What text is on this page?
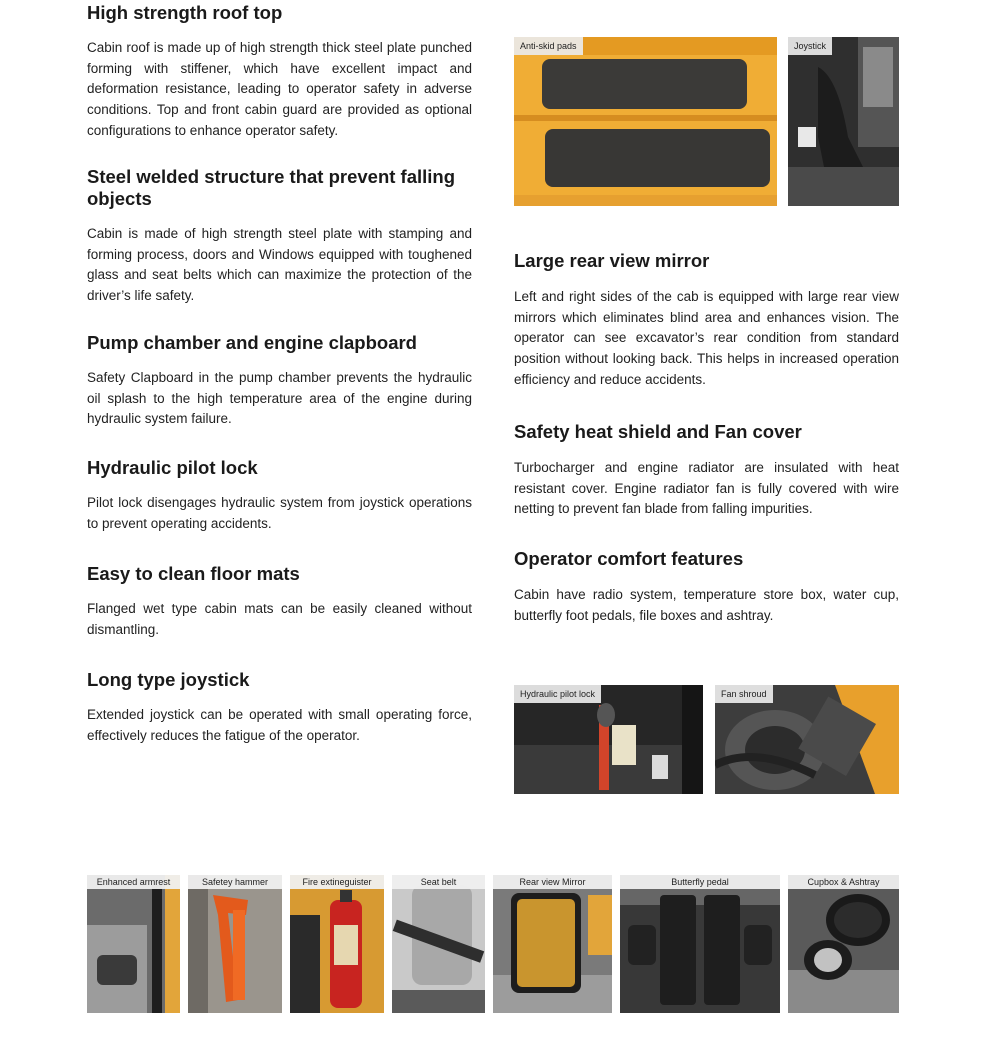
High strength roof top

Cabin roof is made up of high strength thick steel plate punched forming with stiffener, which have excellent impact and deformation resistance, leading to operator safety in adverse conditions. Top and front cabin guard are provided as optional configurations to enhance operator safety.

Steel welded structure that prevent falling objects

Cabin is made of high strength steel plate with stamping and forming process, doors and Windows equipped with toughened glass and seat belts which can maximize the protection of the driver’s life safety.

Pump chamber and engine clapboard

Safety Clapboard in the pump chamber prevents the hydraulic oil splash to the high temperature area of the engine during hydraulic system failure.

Hydraulic pilot lock

Pilot lock disengages hydraulic system from joystick operations to prevent operating accidents.

Easy to clean floor mats

Flanged wet type cabin mats can be easily cleaned without dismantling.

Long type joystick

Extended joystick can be operated with small operating force, effectively reduces the fatigue of the operator.

Large rear view mirror

Left and right sides of the cab is equipped with large rear view mirrors which eliminates blind area and enhances vision. The operator can see excavator’s rear condition from standard position without looking back. This helps in increased operation efficiency and reduce accidents.

Safety heat shield and Fan cover

Turbocharger and engine radiator are insulated with heat resistant cover. Engine radiator fan is fully covered with wire netting to prevent fan blade from falling impurities.

Operator comfort features

Cabin have radio system, temperature store box, water cup, butterfly foot pedals, file boxes and ashtray.

Anti-skid pads	Joystick
Hydraulic pilot lock	Fan shroud
Enhanced armrest	Safetey hammer	Fire extineguister	Seat belt	Rear view Mirror	Butterfly pedal	Cupbox & Ashtray
